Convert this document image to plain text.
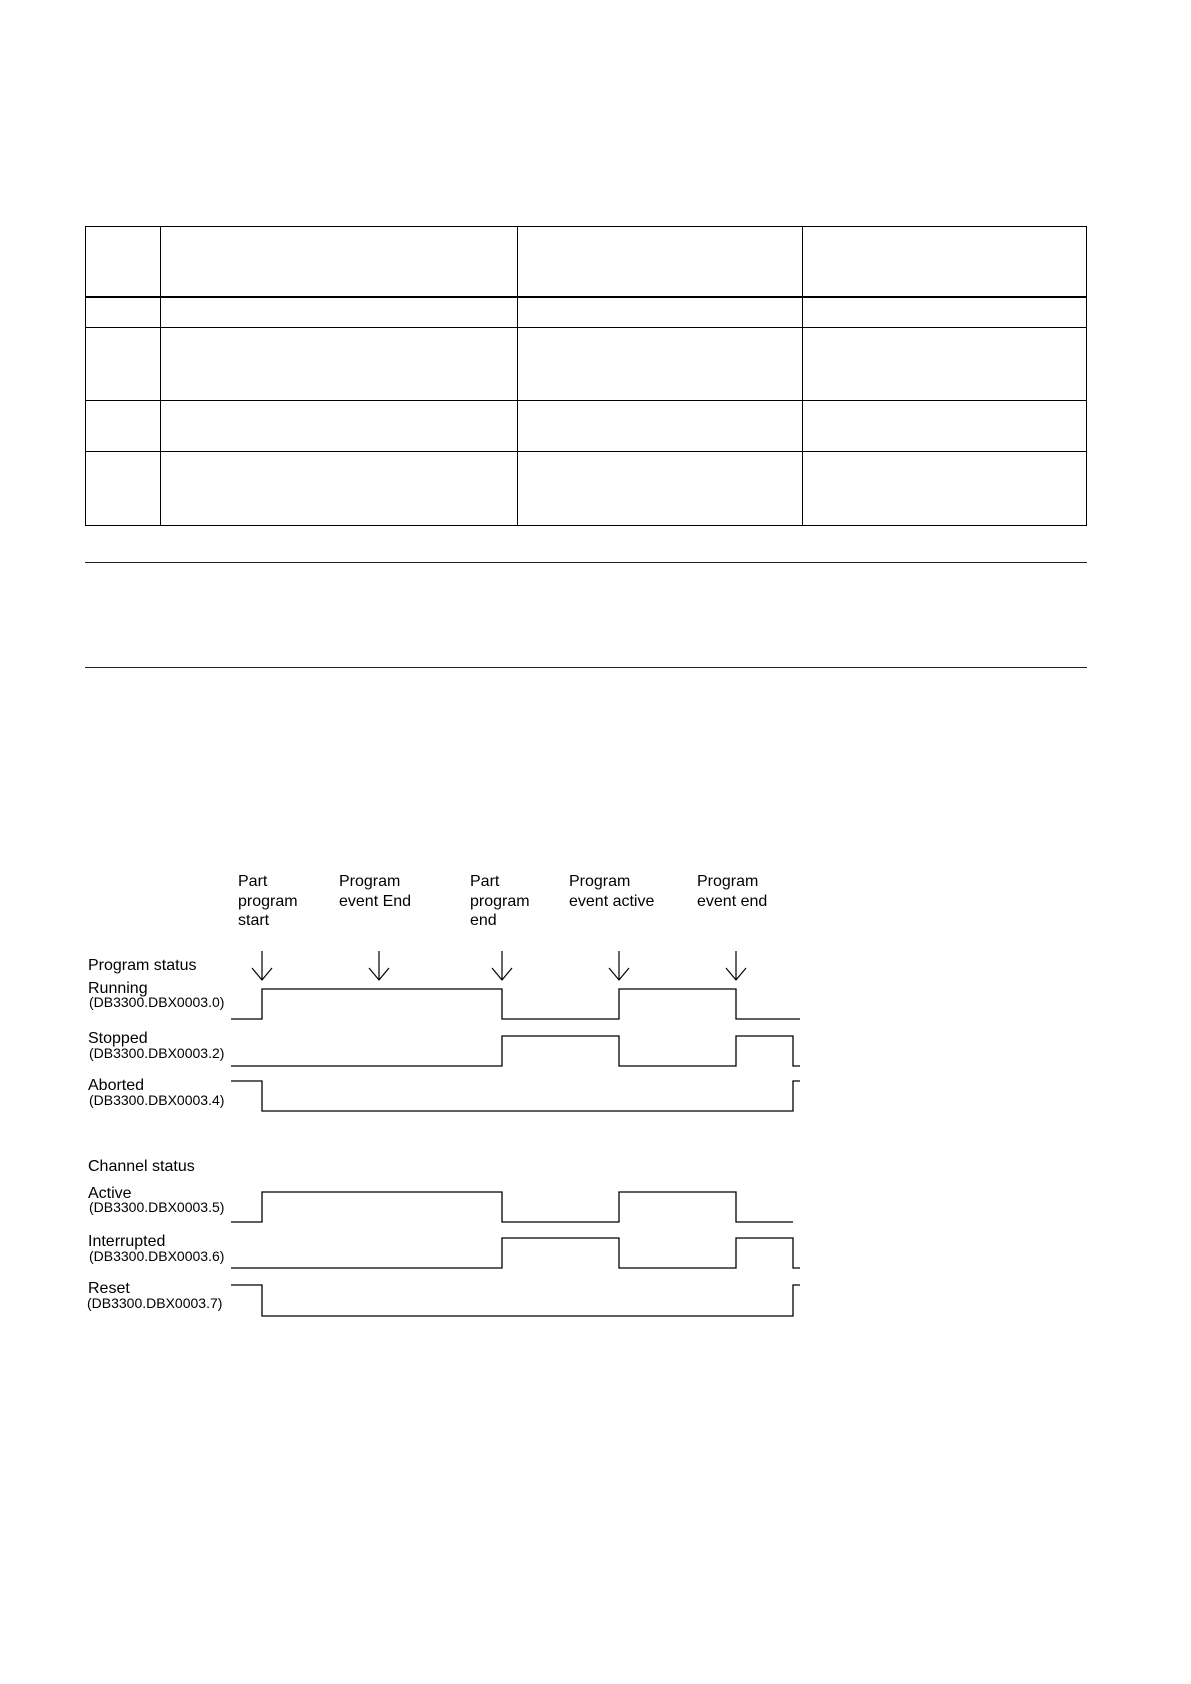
Part program start
Program event End
Part program end
Program event active
Program event end
Program status
Channel status
Running
(DB3300.DBX0003.0)
Stopped
(DB3300.DBX0003.2)
Aborted
(DB3300.DBX0003.4)
Active
(DB3300.DBX0003.5)
Interrupted
(DB3300.DBX0003.6)
Reset
(DB3300.DBX0003.7)
